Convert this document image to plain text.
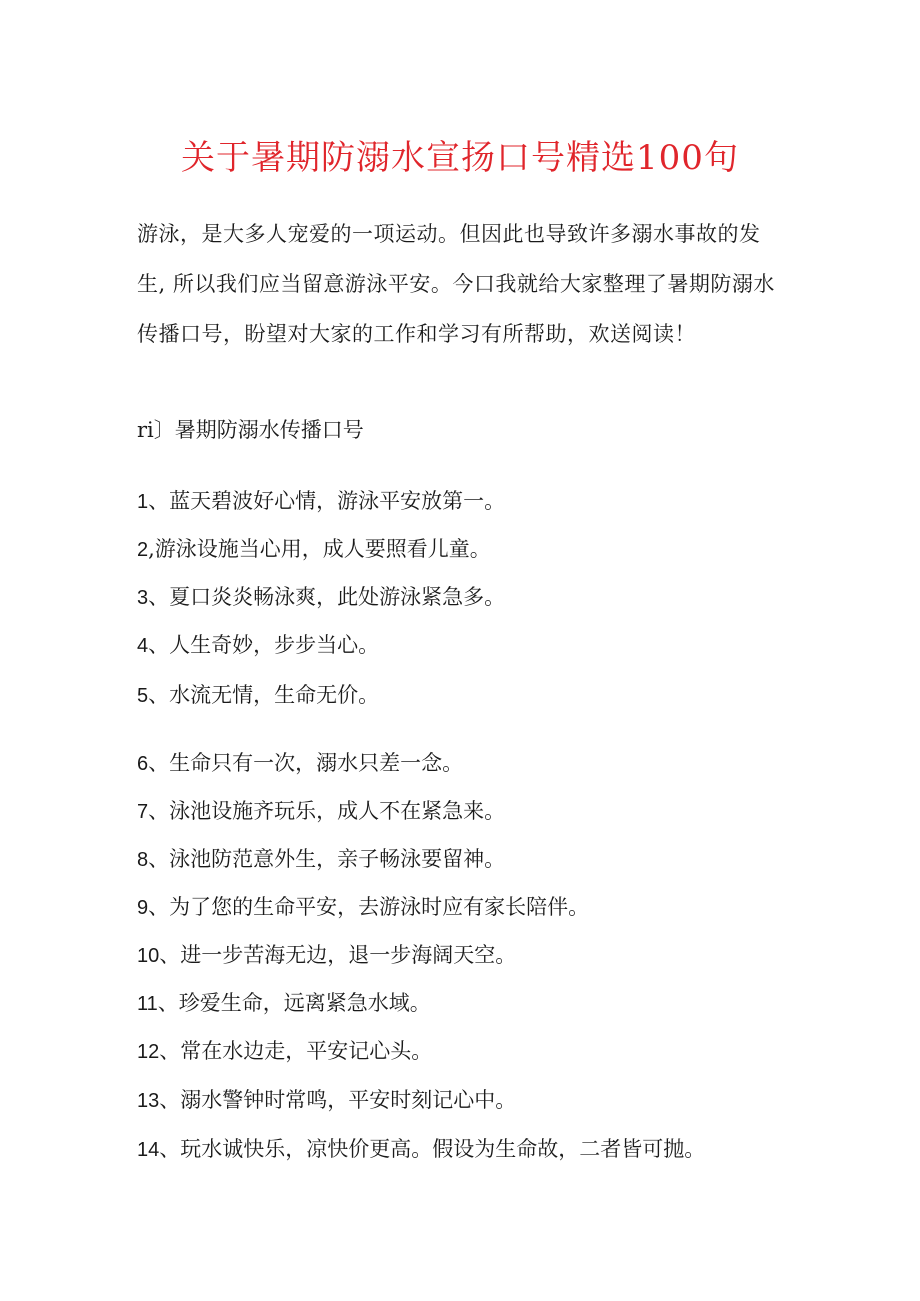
关于暑期防溺水宣扬口号精选100句

游泳，是大多人宠爱的一项运动。但因此也导致许多溺水事故的发生, 所以我们应当留意游泳平安。今口我就给大家整理了暑期防溺水传播口号，盼望对大家的工作和学习有所帮助，欢送阅读！

ri〕暑期防溺水传播口号
1、蓝天碧波好心情，游泳平安放第一。
2,游泳设施当心用，成人要照看儿童。
3、夏口炎炎畅泳爽，此处游泳紧急多。
4、人生奇妙，步步当心。
5、水流无情，生命无价。
6、生命只有一次，溺水只差一念。
7、泳池设施齐玩乐，成人不在紧急来。
8、泳池防范意外生，亲子畅泳要留神。
9、为了您的生命平安，去游泳时应有家长陪伴。
10、进一步苦海无边，退一步海阔天空。
11、珍爱生命，远离紧急水域。
12、常在水边走，平安记心头。
13、溺水警钟时常鸣，平安时刻记心中。
14、玩水诚快乐，凉快价更高。假设为生命故，二者皆可抛。
